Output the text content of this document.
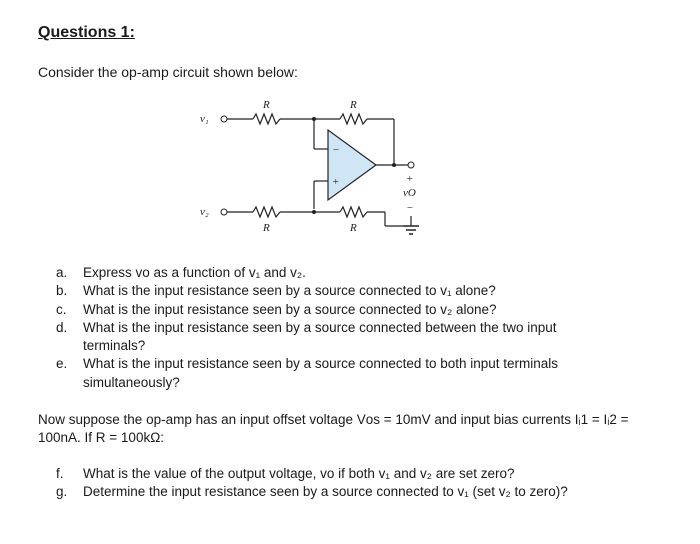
Questions 1:
Consider the op-amp circuit shown below:
v₁
R	R
−
+	+
vO
−
v₂
R	R
a.	Express vᴏ as a function of v₁ and v₂.
b.	What is the input resistance seen by a source connected to v₁ alone?
c.	What is the input resistance seen by a source connected to v₂ alone?
d.	What is the input resistance seen by a source connected between the two input terminals?
e.	What is the input resistance seen by a source connected to both input terminals simultaneously?
Now suppose the op-amp has an input offset voltage Vᴏs = 10mV and input bias currents Iᵢ1 = Iᵢ2 = 100nA. If R = 100kΩ:
f.	What is the value of the output voltage, vᴏ if both v₁ and v₂ are set zero?
g.	Determine the input resistance seen by a source connected to v₁ (set v₂ to zero)?
